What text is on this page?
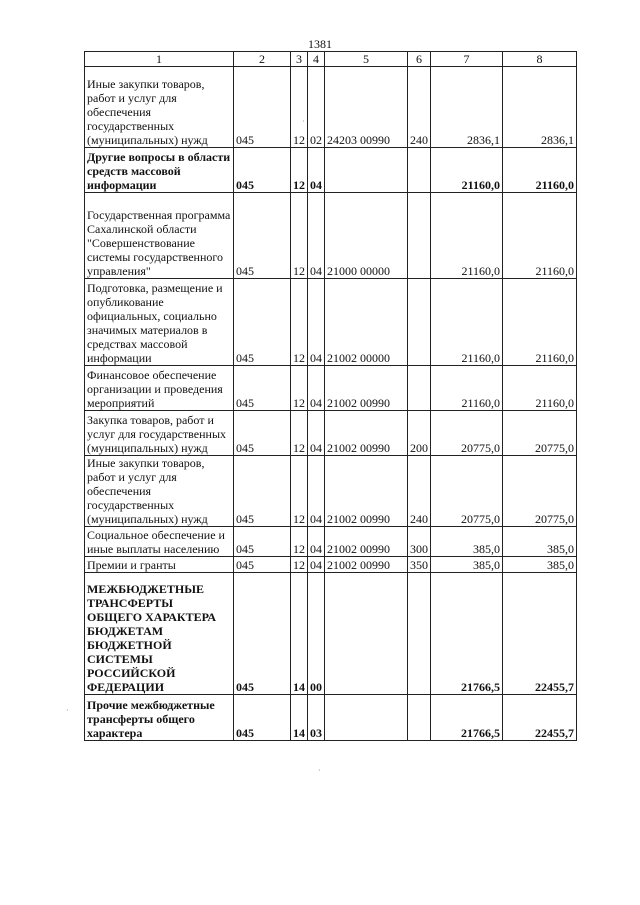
1381
1	2	3	4	5	6	7	8
Иные закупки товаров, работ и услуг для обеспечения государственных (муниципальных) нужд	045	12	02	24203 00990	240	2836,1	2836,1
Другие вопросы в области средств массовой информации	045	12	04			21160,0	21160,0
Государственная программа Сахалинской области "Совершенствование системы государственного управления"	045	12	04	21000 00000		21160,0	21160,0
Подготовка, размещение и опубликование официальных, социально значимых материалов в средствах массовой информации	045	12	04	21002 00000		21160,0	21160,0
Финансовое обеспечение организации и проведения мероприятий	045	12	04	21002 00990		21160,0	21160,0
Закупка товаров, работ и услуг для государственных (муниципальных) нужд	045	12	04	21002 00990	200	20775,0	20775,0
Иные закупки товаров, работ и услуг для обеспечения государственных (муниципальных) нужд	045	12	04	21002 00990	240	20775,0	20775,0
Социальное обеспечение и иные выплаты населению	045	12	04	21002 00990	300	385,0	385,0
Премии и гранты	045	12	04	21002 00990	350	385,0	385,0
МЕЖБЮДЖЕТНЫЕ ТРАНСФЕРТЫ ОБЩЕГО ХАРАКТЕРА БЮДЖЕТАМ БЮДЖЕТНОЙ СИСТЕМЫ РОССИЙСКОЙ ФЕДЕРАЦИИ	045	14	00			21766,5	22455,7
Прочие межбюджетные трансферты общего характера	045	14	03			21766,5	22455,7
·
·
·
